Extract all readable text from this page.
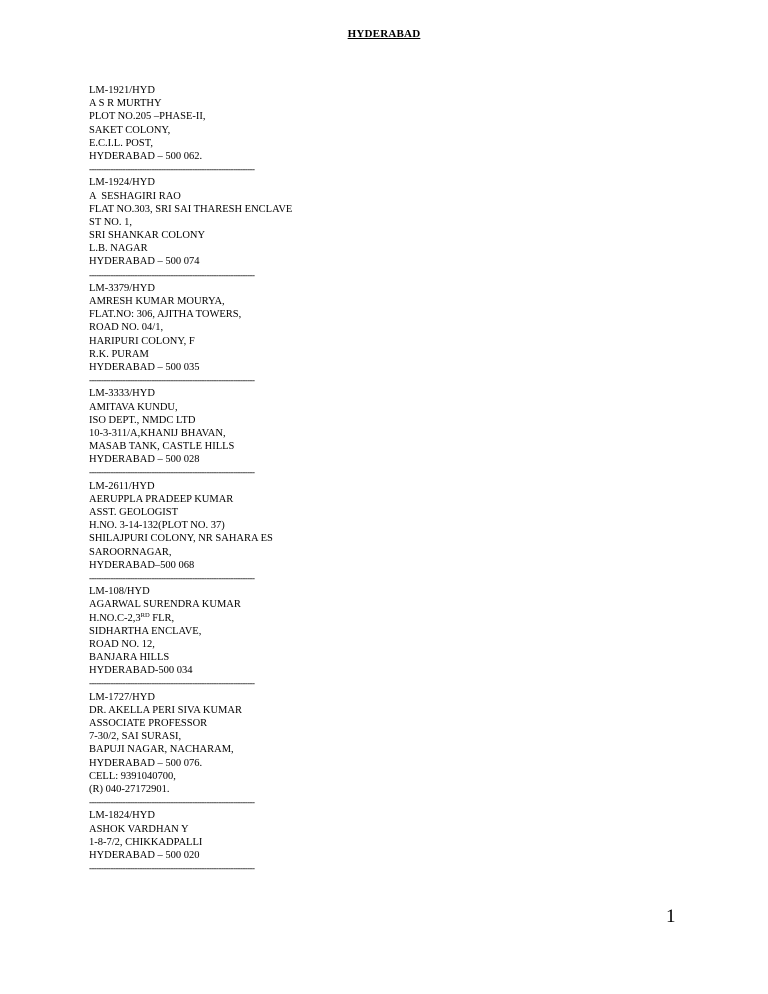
HYDERABAD
LM-1921/HYD
A S R MURTHY
PLOT NO.205 –PHASE-II,
SAKET COLONY,
E.C.I.L. POST,
HYDERABAD – 500 062.
---------------------------------------------------------------------
LM-1924/HYD
A  SESHAGIRI RAO
FLAT NO.303, SRI SAI THARESH ENCLAVE
ST NO. 1,
SRI SHANKAR COLONY
L.B. NAGAR
HYDERABAD – 500 074
---------------------------------------------------------------------
LM-3379/HYD
AMRESH KUMAR MOURYA,
FLAT.NO: 306, AJITHA TOWERS,
ROAD NO. 04/1,
HARIPURI COLONY, F
R.K. PURAM
HYDERABAD – 500 035
---------------------------------------------------------------------
LM-3333/HYD
AMITAVA KUNDU,
ISO DEPT., NMDC LTD
10-3-311/A,KHANIJ BHAVAN,
MASAB TANK, CASTLE HILLS
HYDERABAD – 500 028
---------------------------------------------------------------------
LM-2611/HYD
AERUPPLA PRADEEP KUMAR
ASST. GEOLOGIST
H.NO. 3-14-132(PLOT NO. 37)
SHILAJPURI COLONY, NR SAHARA ES
SAROORNAGAR,
HYDERABAD–500 068
---------------------------------------------------------------------
LM-108/HYD
AGARWAL SURENDRA KUMAR
H.NO.C-2,3RD FLR,
SIDHARTHA ENCLAVE,
ROAD NO. 12,
BANJARA HILLS
HYDERABAD-500 034
---------------------------------------------------------------------
LM-1727/HYD
DR. AKELLA PERI SIVA KUMAR
ASSOCIATE PROFESSOR
7-30/2, SAI SURASI,
BAPUJI NAGAR, NACHARAM,
HYDERABAD – 500 076.
CELL: 9391040700,
(R) 040-27172901.
---------------------------------------------------------------------
LM-1824/HYD
ASHOK VARDHAN Y
1-8-7/2, CHIKKADPALLI
HYDERABAD – 500 020
---------------------------------------------------------------------
1
